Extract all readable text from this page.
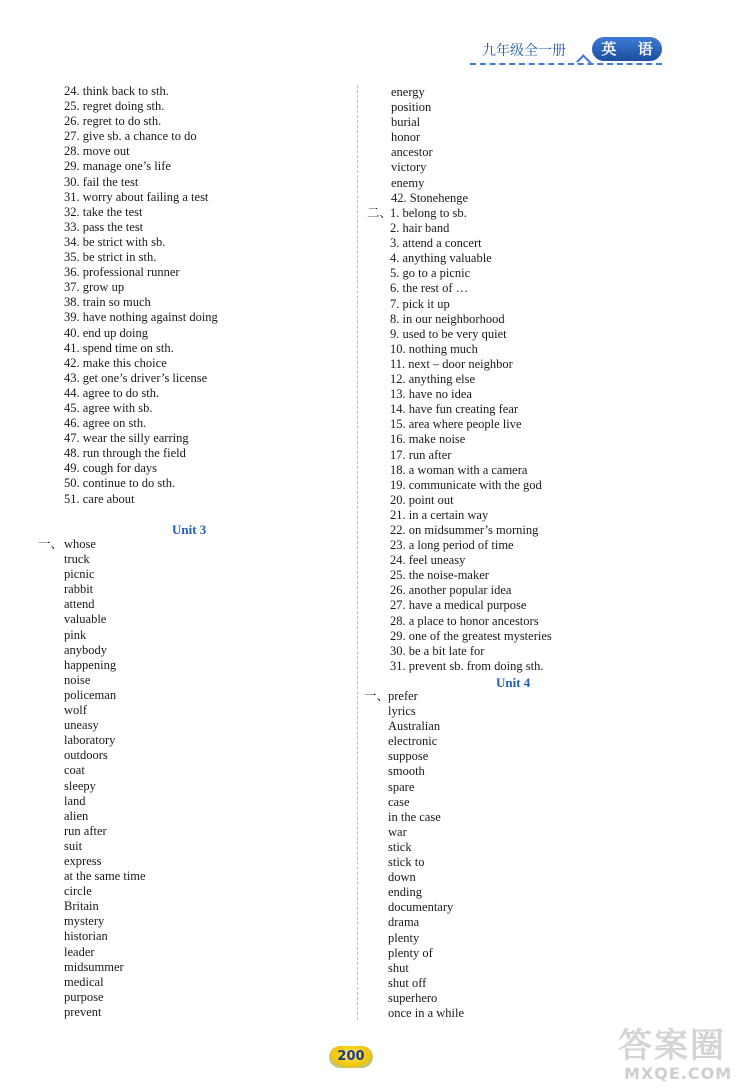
九年级全一册	英 语
24. think back to sth.
25. regret doing sth.
26. regret to do sth.
27. give sb. a chance to do
28. move out
29. manage one’s life
30. fail the test
31. worry about failing a test
32. take the test
33. pass the test
34. be strict with sb.
35. be strict in sth.
36. professional runner
37. grow up
38. train so much
39. have nothing against doing
40. end up doing
41. spend time on sth.
42. make this choice
43. get one’s driver’s license
44. agree to do sth.
45. agree with sb.
46. agree on sth.
47. wear the silly earring
48. run through the field
49. cough for days
50. continue to do sth.
51. care about
Unit 3
一、 whose
truck
picnic
rabbit
attend
valuable
pink
anybody
happening
noise
policeman
wolf
uneasy
laboratory
outdoors
coat
sleepy
land
alien
run after
suit
express
at the same time
circle
Britain
mystery
historian
leader
midsummer
medical
purpose
prevent
energy
position
burial
honor
ancestor
victory
enemy
42. Stonehenge
二、
1. belong to sb.
2. hair band
3. attend a concert
4. anything valuable
5. go to a picnic
6. the rest of …
7. pick it up
8. in our neighborhood
9. used to be very quiet
10. nothing much
11. next – door neighbor
12. anything else
13. have no idea
14. have fun creating fear
15. area where people live
16. make noise
17. run after
18. a woman with a camera
19. communicate with the god
20. point out
21. in a certain way
22. on midsummer’s morning
23. a long period of time
24. feel uneasy
25. the noise-maker
26. another popular idea
27. have a medical purpose
28. a place to honor ancestors
29. one of the greatest mysteries
30. be a bit late for
31. prevent sb. from doing sth.
Unit 4
一、
prefer
lyrics
Australian
electronic
suppose
smooth
spare
case
in the case
war
stick
stick to
down
ending
documentary
drama
plenty
plenty of
shut
shut off
superhero
once in a while
200	答案圈
MXQE.COM
